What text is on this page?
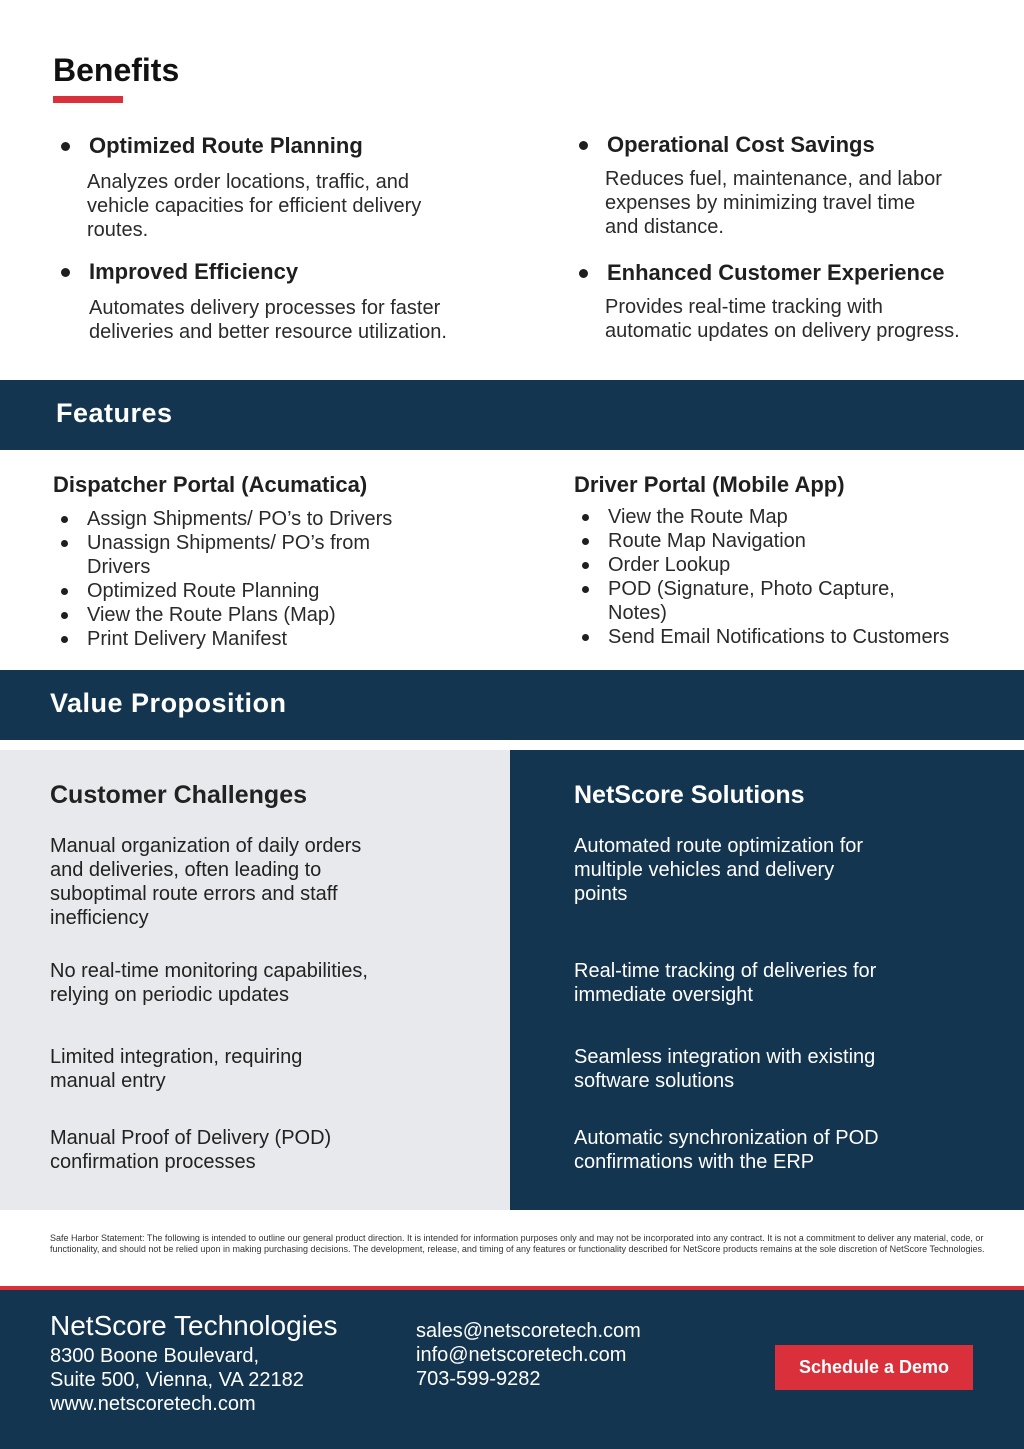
Benefits
Optimized Route Planning
Analyzes order locations, traffic, and
vehicle capacities for efficient delivery
routes.
Improved Efficiency
Automates delivery processes for faster
deliveries and better resource utilization.
Operational Cost Savings
Reduces fuel, maintenance, and labor
expenses by minimizing travel time
and distance.
Enhanced Customer Experience
Provides real-time tracking with
automatic updates on delivery progress.
Features
Dispatcher Portal (Acumatica)
Assign Shipments/ PO’s to Drivers
Unassign Shipments/ PO’s from
Drivers
Optimized Route Planning
View the Route Plans (Map)
Print Delivery Manifest
Driver Portal (Mobile App)
View the Route Map
Route Map Navigation
Order Lookup
POD (Signature, Photo Capture,
Notes)
Send Email Notifications to Customers
Value Proposition
Customer Challenges
Manual organization of daily orders
and deliveries, often leading to
suboptimal route errors and staff
inefficiency
No real-time monitoring capabilities,
relying on periodic updates
Limited integration, requiring
manual entry
Manual Proof of Delivery (POD)
confirmation processes
NetScore Solutions
Automated route optimization for
multiple vehicles and delivery
points
Real-time tracking of deliveries for
immediate oversight
Seamless integration with existing
software solutions
Automatic synchronization of POD
confirmations with the ERP
Safe Harbor Statement: The following is intended to outline our general product direction. It is intended for information purposes only and may not be incorporated into any contract. It is not a commitment to deliver any material, code, or functionality, and should not be relied upon in making purchasing decisions. The development, release, and timing of any features or functionality described for NetScore products remains at the sole discretion of NetScore Technologies.
NetScore Technologies
8300 Boone Boulevard,
Suite 500, Vienna, VA 22182
www.netscoretech.com
sales@netscoretech.com
info@netscoretech.com
703-599-9282
Schedule a Demo
